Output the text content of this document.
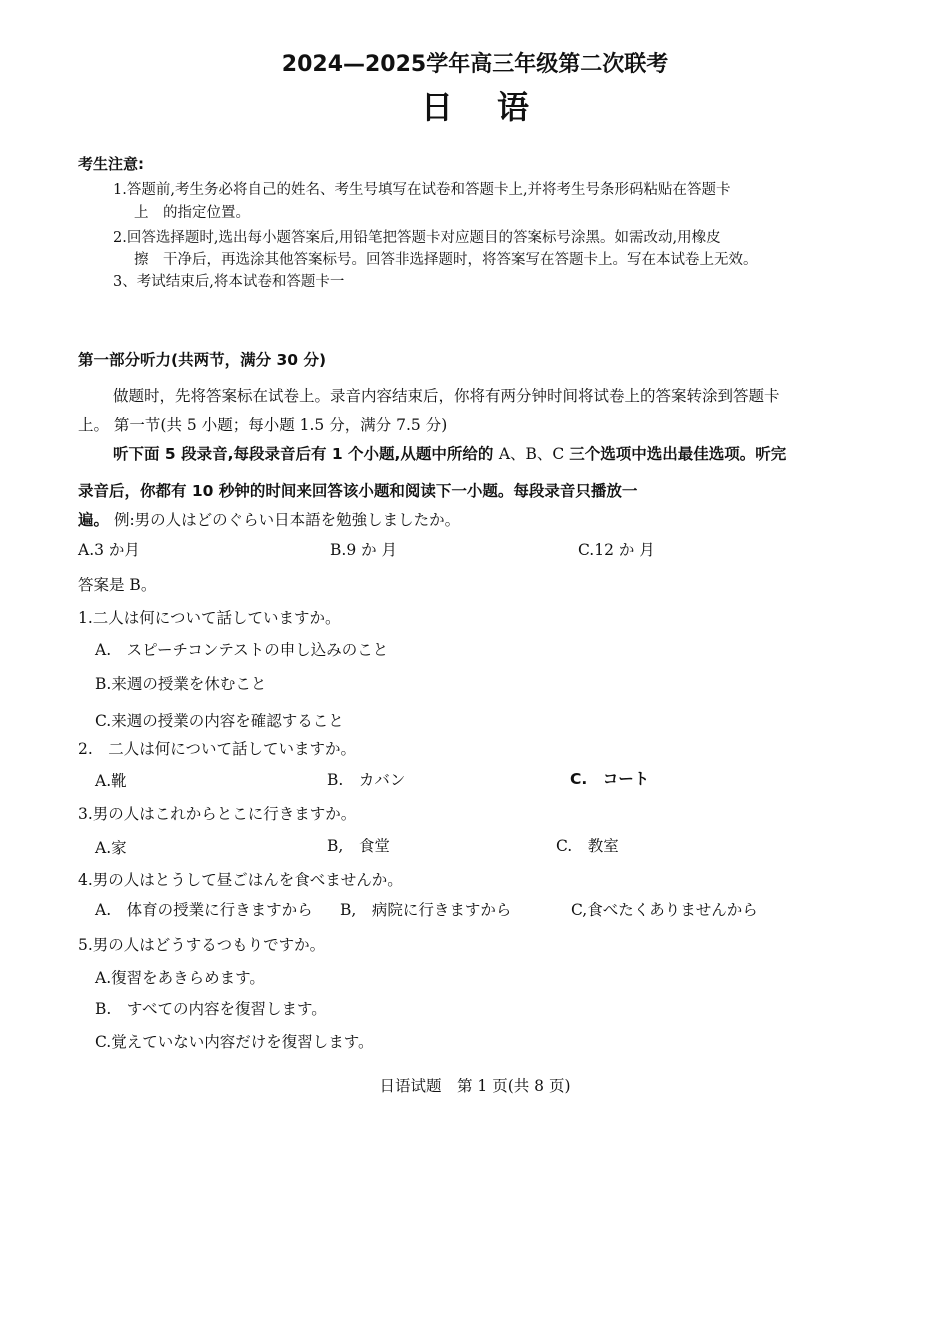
2024—2025学年高三年级第二次联考
日语
考生注意:
1.答题前,考生务必将自己的姓名、考生号填写在试卷和答题卡上,并将考生号条形码粘贴在答题卡
上　的指定位置。
2.回答选择题时,选出每小题答案后,用铅笔把答题卡对应题目的答案标号涂黑。如需改动,用橡皮
擦　干净后，再选涂其他答案标号。回答非选择题时，将答案写在答题卡上。写在本试卷上无效。
3、考试结束后,将本试卷和答题卡一
第一部分听力(共两节，满分 30 分)
做题时，先将答案标在试卷上。录音内容结束后，你将有两分钟时间将试卷上的答案转涂到答题卡
上。 第一节(共 5 小题；每小题 1.5 分，满分 7.5 分)
听下面 5 段录音,每段录音后有 1 个小题,从题中所给的 A、B、C 三个选项中选出最佳选项。听完
录音后，你都有 10 秒钟的时间来回答该小题和阅读下一小题。每段录音只播放一
遍。 例:男の人はどのぐらい日本語を勉強しましたか。
A.3 か月	B.9 か 月	C.12 か 月
答案是 B。
1.二人は何について話していますか。
A.　スピーチコンテストの申し込みのこと
B.来週の授業を休むこと
C.来週の授業の内容を確認すること
2.　二人は何について話していますか。
A.靴	B.　カバン	C.　コート
3.男の人はこれからとこに行きますか。
A.家	B,　食堂	C.　教室
4.男の人はとうして昼ごはんを食べませんか。
A.　体育の授業に行きますから B,　病院に行きますから	C,食べたくありませんから
5.男の人はどうするつもりですか。
A.復習をあきらめます。
B.　すべての内容を復習します。
C.覚えていない内容だけを復習します。
日语试题　第 1 页(共 8 页)
